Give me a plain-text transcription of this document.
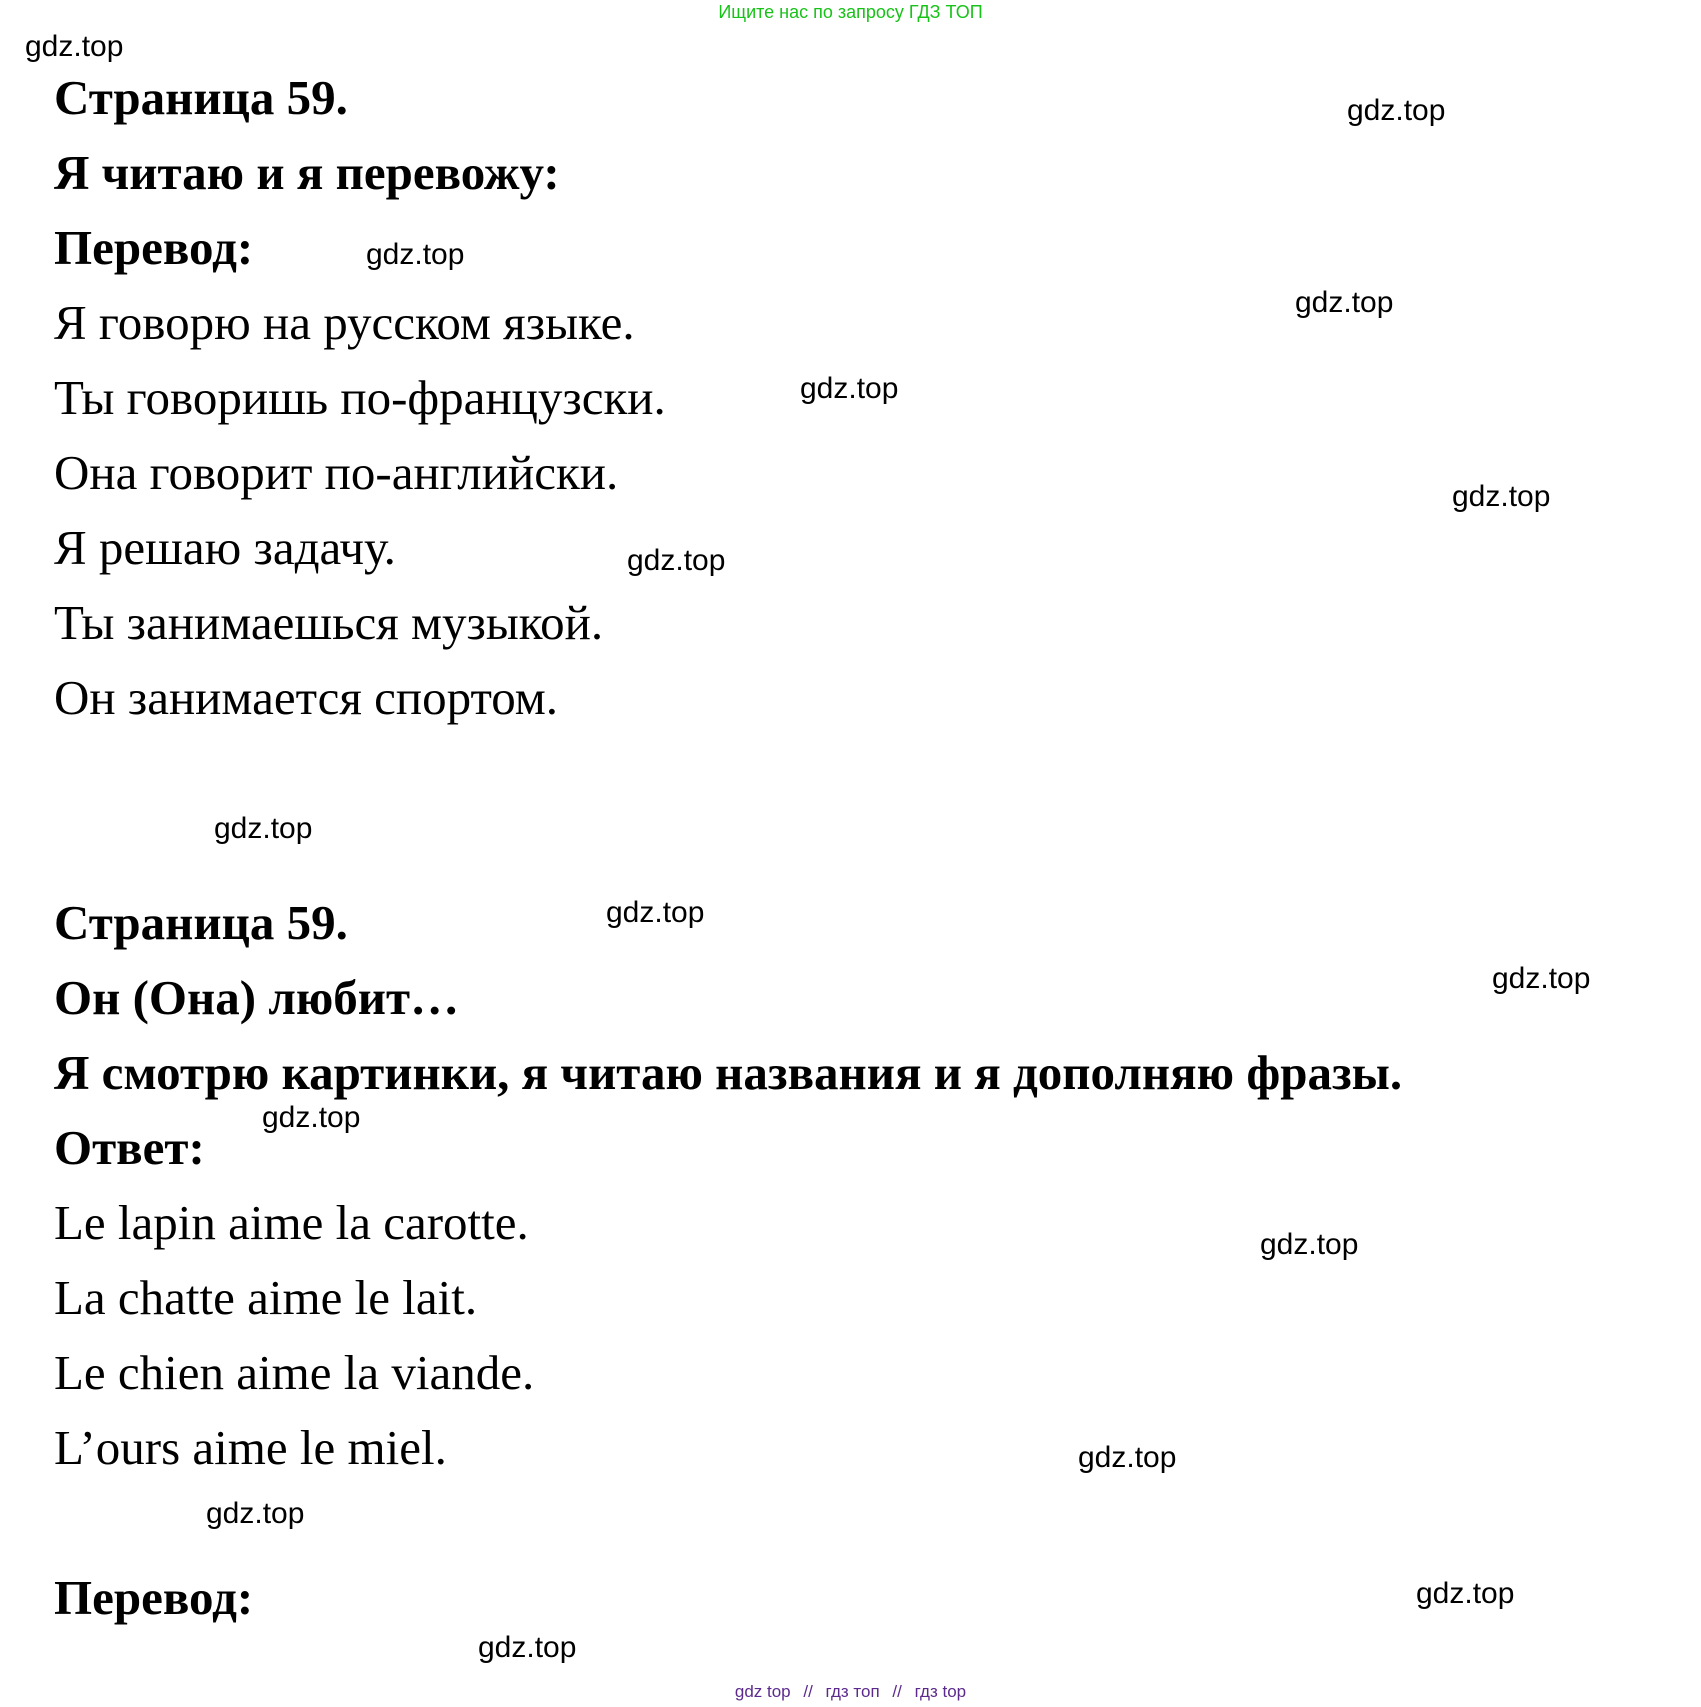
Ищите нас по запросу ГДЗ ТОП
Страница 59.
Я читаю и я перевожу:
Перевод:
Я говорю на русском языке.
Ты говоришь по-французски.
Она говорит по-английски.
Я решаю задачу.
Ты занимаешься музыкой.
Он занимается спортом.
Страница 59.
Он (Она) любит…
Я смотрю картинки, я читаю названия и я дополняю фразы.
Ответ:
Le lapin aime la carotte.
La chatte aime le lait.
Le chien aime la viande.
L’ours aime le miel.
Перевод:
gdz.top
gdz.top
gdz.top
gdz.top
gdz.top
gdz.top
gdz.top
gdz.top
gdz.top
gdz.top
gdz.top
gdz.top
gdz.top
gdz.top
gdz.top
gdz.top
gdz top // гдз топ // гдз top
